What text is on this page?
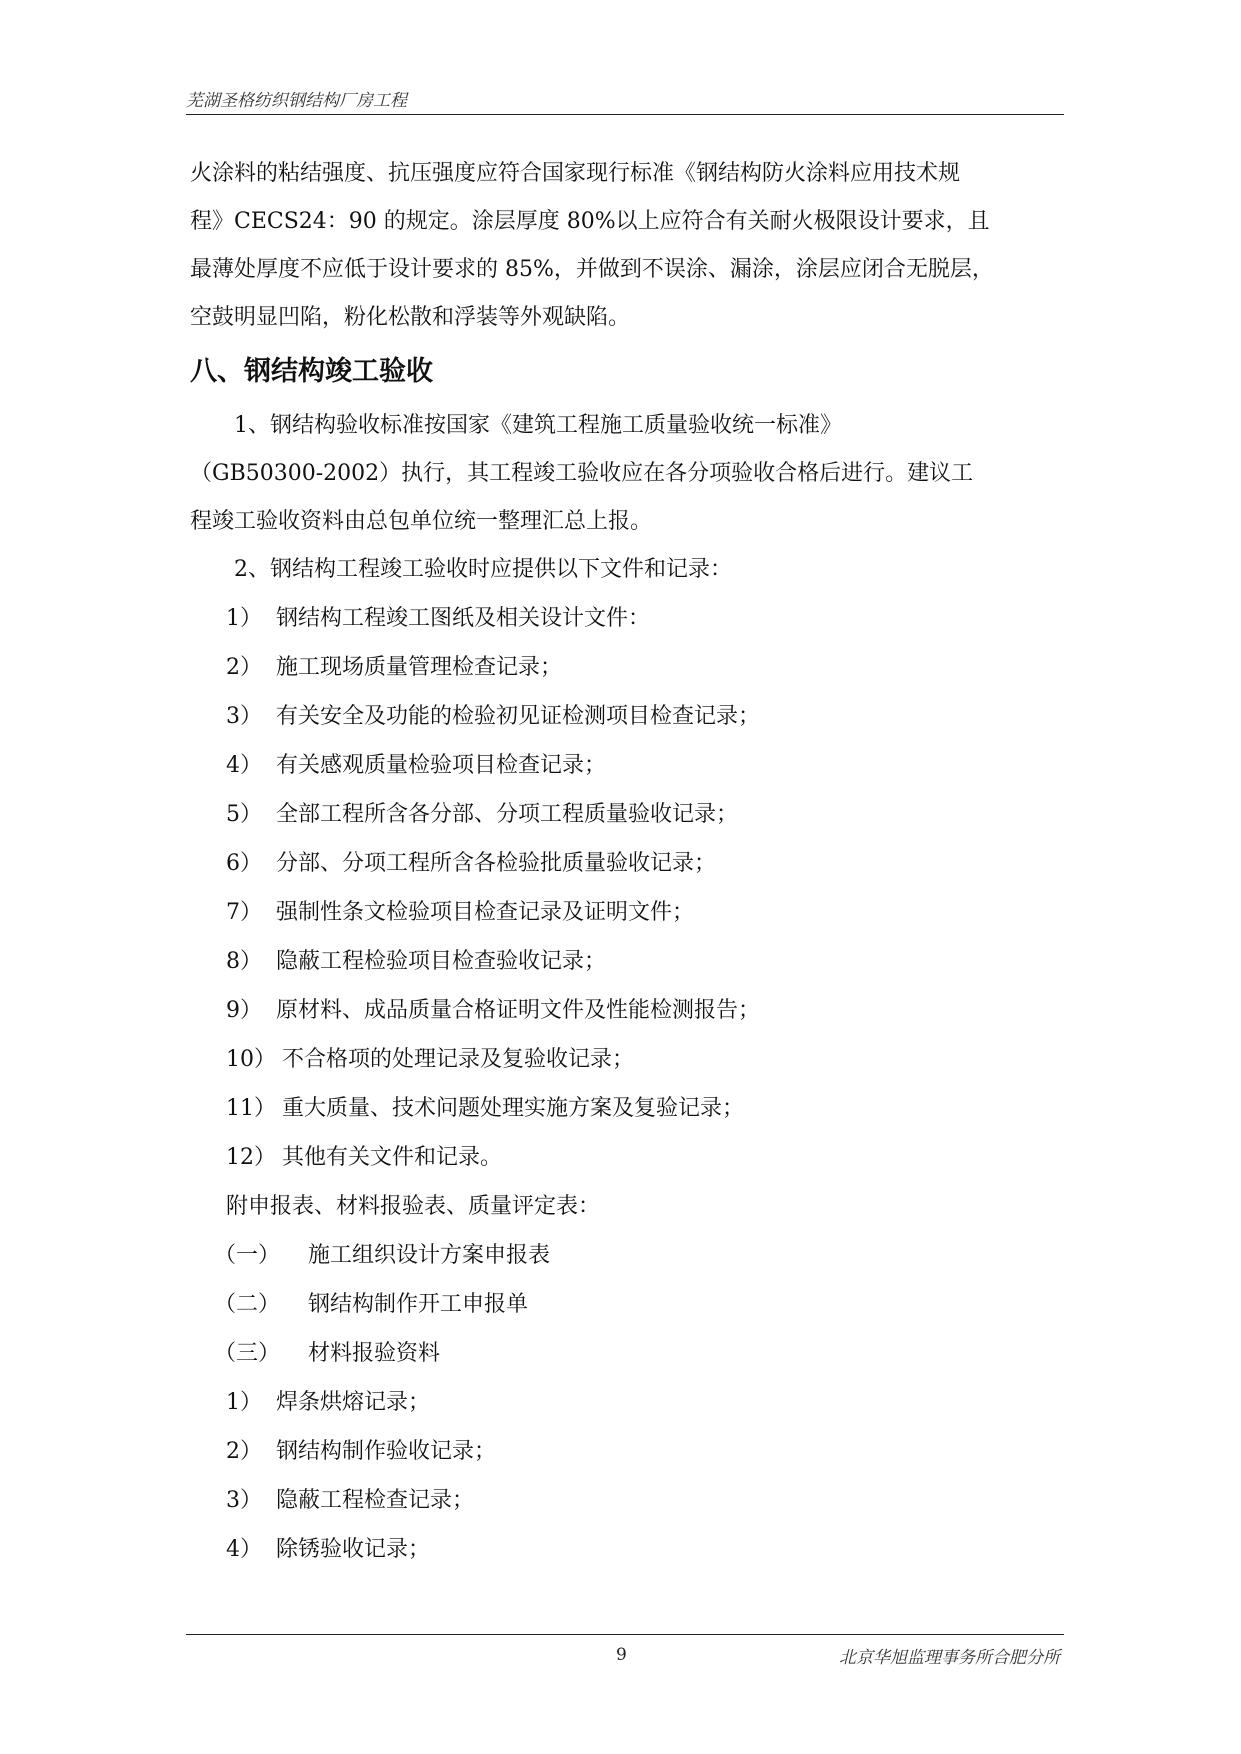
芜湖圣格纺织钢结构厂房工程

火涂料的粘结强度、抗压强度应符合国家现行标准《钢结构防火涂料应用技术规

程》CECS24：90 的规定。涂层厚度 80%以上应符合有关耐火极限设计要求，且

最薄处厚度不应低于设计要求的 85%，并做到不误涂、漏涂，涂层应闭合无脱层，

空鼓明显凹陷，粉化松散和浮装等外观缺陷。

八、钢结构竣工验收

1、钢结构验收标准按国家《建筑工程施工质量验收统一标准》

（GB50300-2002）执行，其工程竣工验收应在各分项验收合格后进行。建议工

程竣工验收资料由总包单位统一整理汇总上报。

2、钢结构工程竣工验收时应提供以下文件和记录：

1） 钢结构工程竣工图纸及相关设计文件：

2） 施工现场质量管理检查记录；

3） 有关安全及功能的检验初见证检测项目检查记录；

4） 有关感观质量检验项目检查记录；

5） 全部工程所含各分部、分项工程质量验收记录；

6） 分部、分项工程所含各检验批质量验收记录；

7） 强制性条文检验项目检查记录及证明文件；

8） 隐蔽工程检验项目检查验收记录；

9） 原材料、成品质量合格证明文件及性能检测报告；

10） 不合格项的处理记录及复验收记录；

11） 重大质量、技术问题处理实施方案及复验记录；

12） 其他有关文件和记录。

附申报表、材料报验表、质量评定表：

（一） 施工组织设计方案申报表

（二） 钢结构制作开工申报单

（三） 材料报验资料

1） 焊条烘熔记录；

2） 钢结构制作验收记录；

3） 隐蔽工程检查记录；

4） 除锈验收记录；

9	北京华旭监理事务所合肥分所
